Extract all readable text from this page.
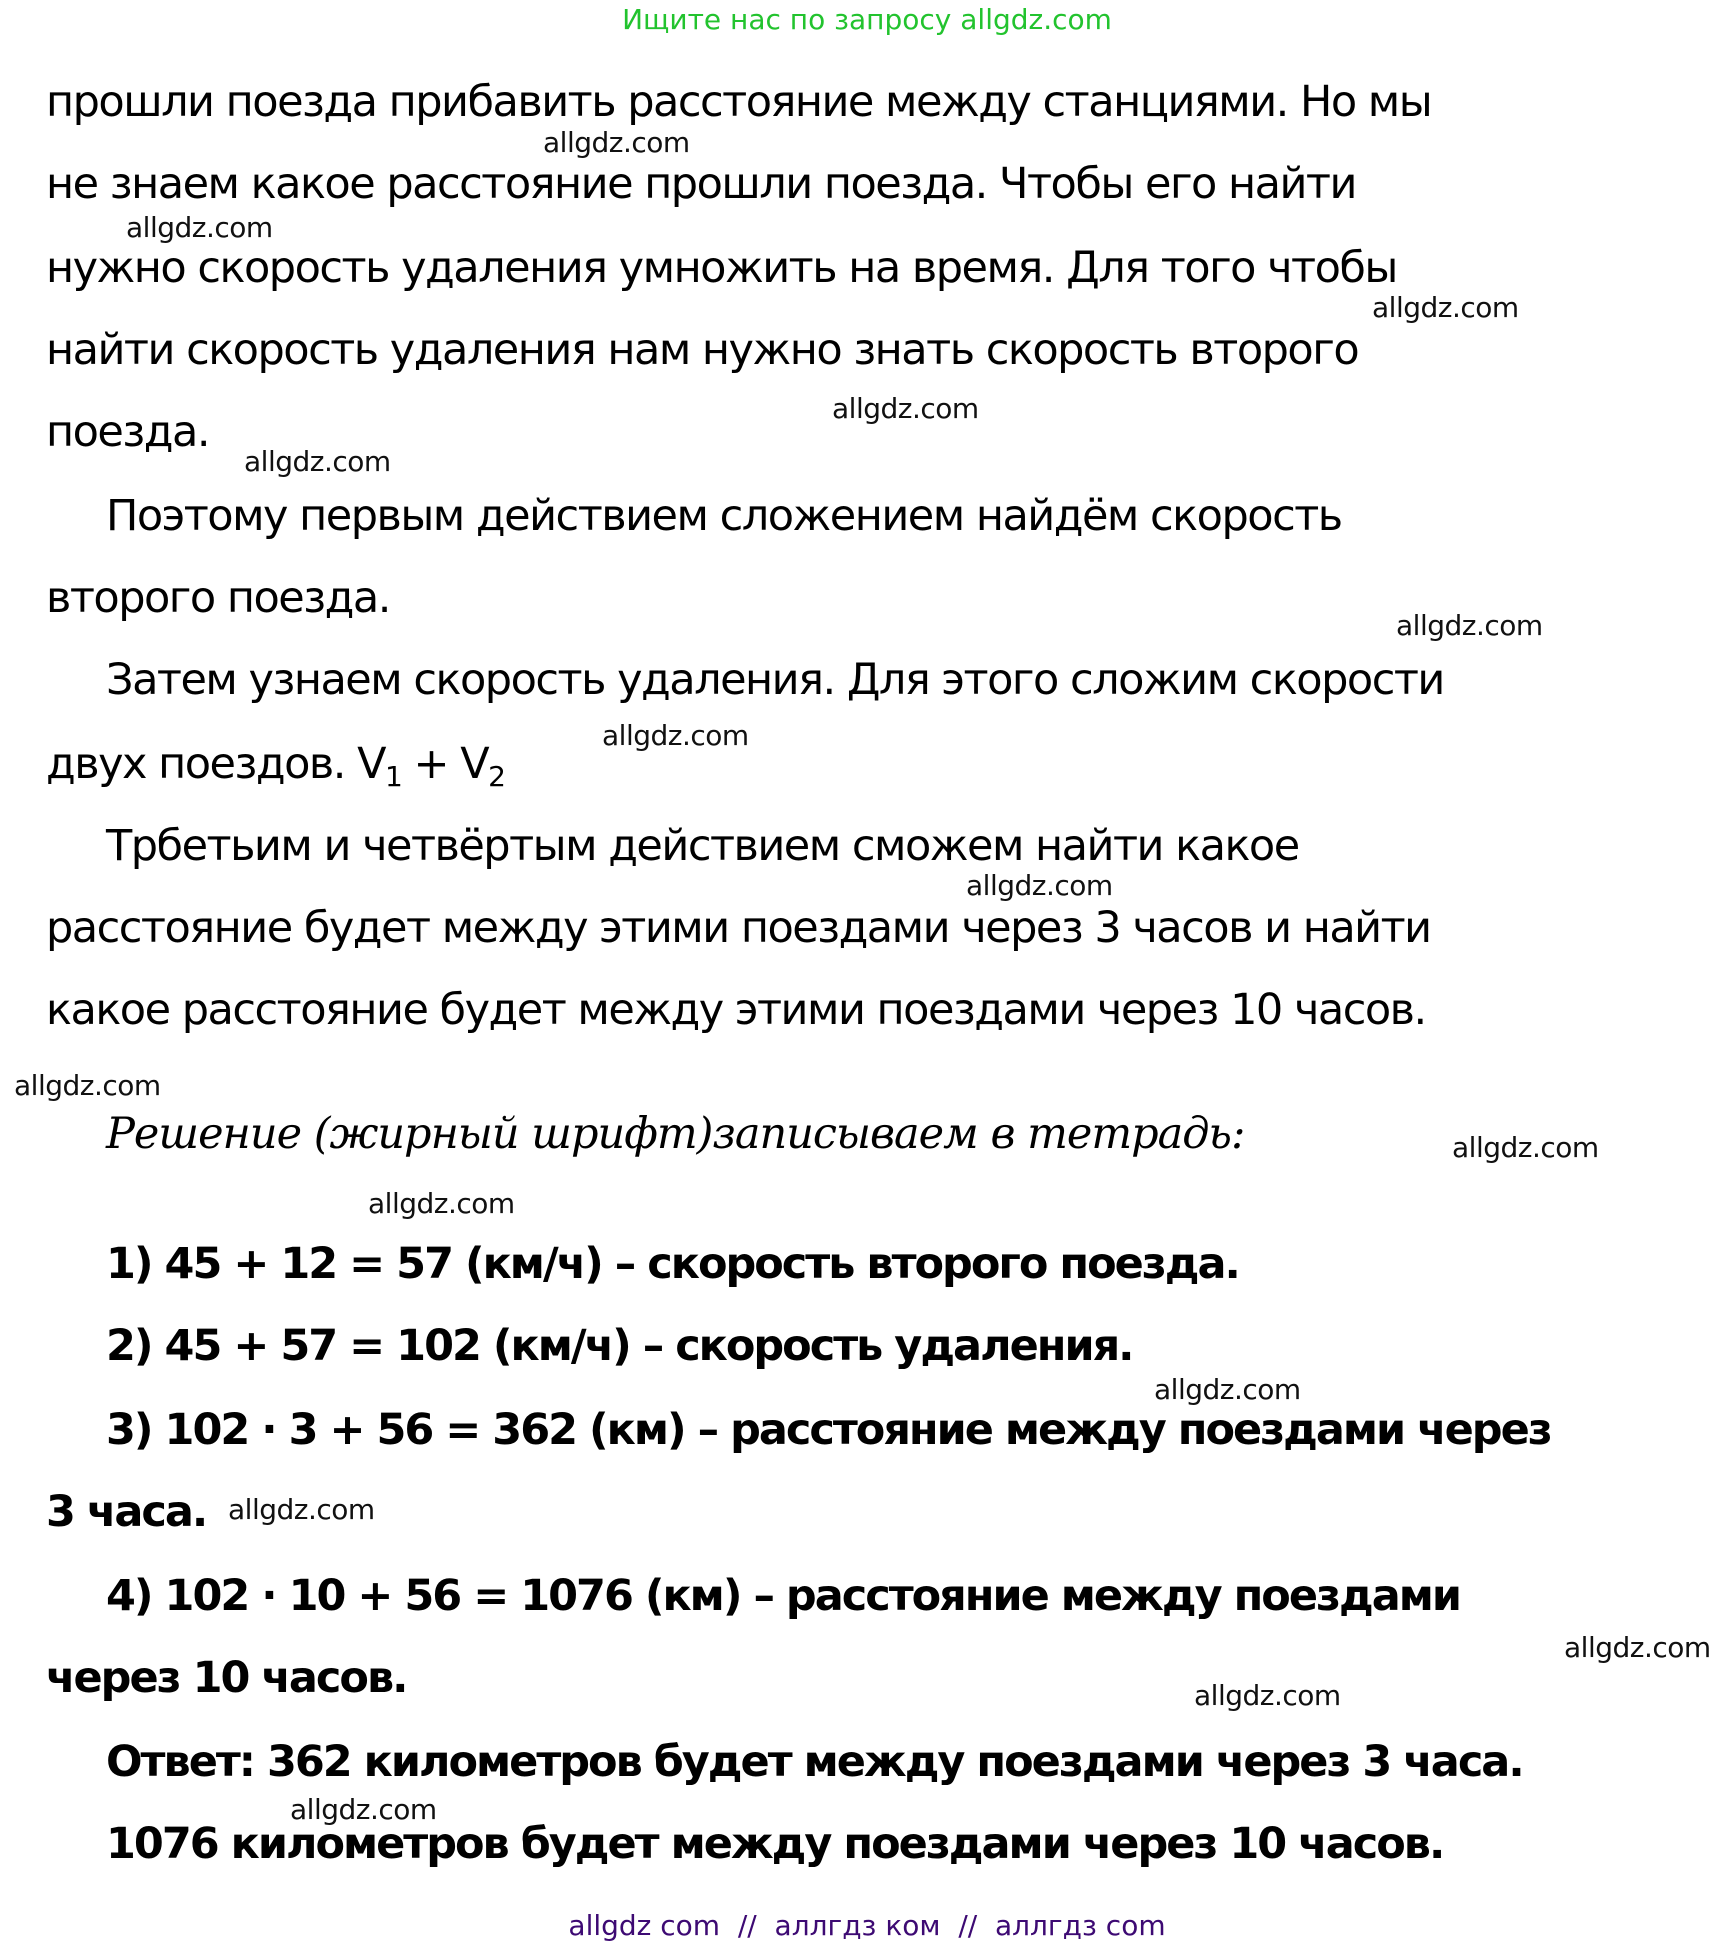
Ищите нас по запросу allgdz.com
прошли поезда прибавить расстояние между станциями. Но мы
не знаем какое расстояние прошли поезда. Чтобы его найти
нужно скорость удаления умножить на время. Для того чтобы
найти скорость удаления нам нужно знать скорость второго
поезда.
Поэтому первым действием сложением найдём скорость
второго поезда.
Затем узнаем скорость удаления. Для этого сложим скорости
двух поездов. $V_1 + V_2$
Трбетьим и четвёртым действием сможем найти какое
расстояние будет между этими поездами через 3 часов и найти
какое расстояние будет между этими поездами через 10 часов.
Решение (жирный шрифт)записываем в тетрадь:
1) 45 + 12 = 57 (км/ч) – скорость второго поезда.
2) 45 + 57 = 102 (км/ч) – скорость удаления.
3) 102 · 3 + 56 = 362 (км) – расстояние между поездами через
3 часа.
4) 102 · 10 + 56 = 1076 (км) – расстояние между поездами
через 10 часов.
Ответ: 362 километров будет между поездами через 3 часа.
1076 километров будет между поездами через 10 часов.
allgdz.com
allgdz.com
allgdz.com
allgdz.com
allgdz.com
allgdz.com
allgdz.com
allgdz.com
allgdz.com
allgdz.com
allgdz.com
allgdz.com
allgdz.com
allgdz.com
allgdz.com
allgdz.com
allgdz com  //  аллгдз ком  //  аллгдз com
